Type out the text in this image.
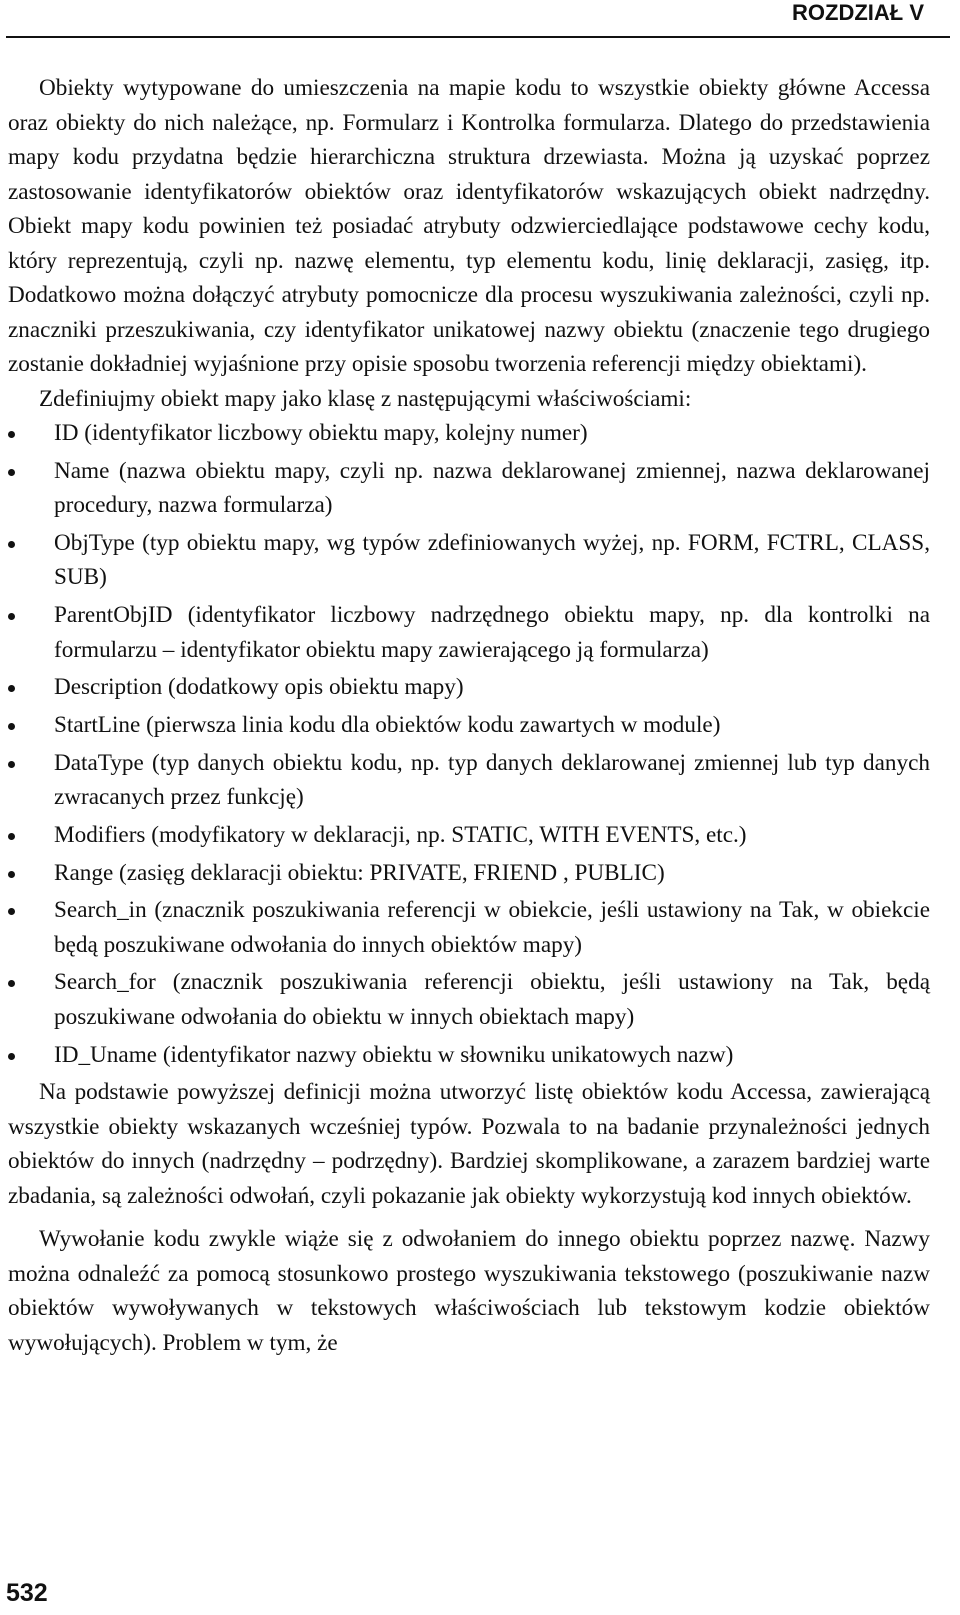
ROZDZIAŁ V

Obiekty wytypowane do umieszczenia na mapie kodu to wszystkie obiekty główne Accessa oraz obiekty do nich należące, np. Formularz i Kontrolka formularza. Dlatego do przedstawienia mapy kodu przydatna będzie hierarchiczna struktura drzewiasta. Można ją uzyskać poprzez zastosowanie identyfikatorów obiektów oraz identyfikatorów wskazujących obiekt nadrzędny. Obiekt mapy kodu powinien też posiadać atrybuty odzwierciedlające podstawowe cechy kodu, który reprezentują, czyli np. nazwę elementu, typ elementu kodu, linię deklaracji, zasięg, itp. Dodatkowo można dołączyć atrybuty pomocnicze dla procesu wyszukiwania zależności, czyli np. znaczniki przeszukiwania, czy identyfikator unikatowej nazwy obiektu (znaczenie tego drugiego zostanie dokładniej wyjaśnione przy opisie sposobu tworzenia referencji między obiektami).

Zdefiniujmy obiekt mapy jako klasę z następującymi właściwościami:

ID (identyfikator liczbowy obiektu mapy, kolejny numer)
Name (nazwa obiektu mapy, czyli np. nazwa deklarowanej zmiennej, nazwa deklarowanej procedury, nazwa formularza)
ObjType (typ obiektu mapy, wg typów zdefiniowanych wyżej, np. FORM, FCTRL, CLASS, SUB)
ParentObjID (identyfikator liczbowy nadrzędnego obiektu mapy, np. dla kontrolki na formularzu – identyfikator obiektu mapy zawierającego ją formularza)
Description (dodatkowy opis obiektu mapy)
StartLine (pierwsza linia kodu dla obiektów kodu zawartych w module)
DataType (typ danych obiektu kodu, np. typ danych deklarowanej zmiennej lub typ danych zwracanych przez funkcję)
Modifiers (modyfikatory w deklaracji, np. STATIC, WITH EVENTS, etc.)
Range (zasięg deklaracji obiektu: PRIVATE, FRIEND , PUBLIC)
Search_in (znacznik poszukiwania referencji w obiekcie, jeśli ustawiony na Tak, w obiekcie będą poszukiwane odwołania do innych obiektów mapy)
Search_for (znacznik poszukiwania referencji obiektu, jeśli ustawiony na Tak, będą poszukiwane odwołania do obiektu w innych obiektach mapy)
ID_Uname (identyfikator nazwy obiektu w słowniku unikatowych nazw)

Na podstawie powyższej definicji można utworzyć listę obiektów kodu Accessa, zawierającą wszystkie obiekty wskazanych wcześniej typów. Pozwala to na badanie przynależności jednych obiektów do innych (nadrzędny – podrzędny). Bardziej skomplikowane, a zarazem bardziej warte zbadania, są zależności odwołań, czyli pokazanie jak obiekty wykorzystują kod innych obiektów.

Wywołanie kodu zwykle wiąże się z odwołaniem do innego obiektu poprzez nazwę. Nazwy można odnaleźć za pomocą stosunkowo prostego wyszukiwania tekstowego (poszukiwanie nazw obiektów wywoływanych w tekstowych właściwościach lub tekstowym kodzie obiektów wywołujących). Problem w tym, że

532
